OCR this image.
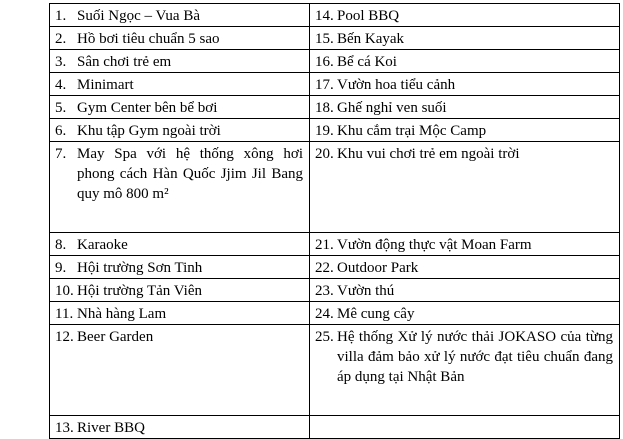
1. Suối Ngọc – Vua Bà	14. Pool BBQ

2. Hồ bơi tiêu chuẩn 5 sao	15. Bến Kayak

3. Sân chơi trẻ em	16. Bể cá Koi

4. Minimart	17. Vườn hoa tiểu cảnh

5. Gym Center bên bể bơi	18. Ghế nghỉ ven suối

6. Khu tập Gym ngoài trời	19. Khu cắm trại Mộc Camp

7. May Spa với hệ thống xông hơi phong cách Hàn Quốc Jjim Jil Bang quy mô 800 m²	20. Khu vui chơi trẻ em ngoài trời

8. Karaoke	21. Vườn động thực vật Moan Farm

9. Hội trường Sơn Tinh	22. Outdoor Park

10. Hội trường Tản Viên	23. Vườn thú

11. Nhà hàng Lam	24. Mê cung cây

12. Beer Garden	25. Hệ thống Xử lý nước thải JOKASO của từng villa đảm bảo xử lý nước đạt tiêu chuẩn đang áp dụng tại Nhật Bản

13. River BBQ	
